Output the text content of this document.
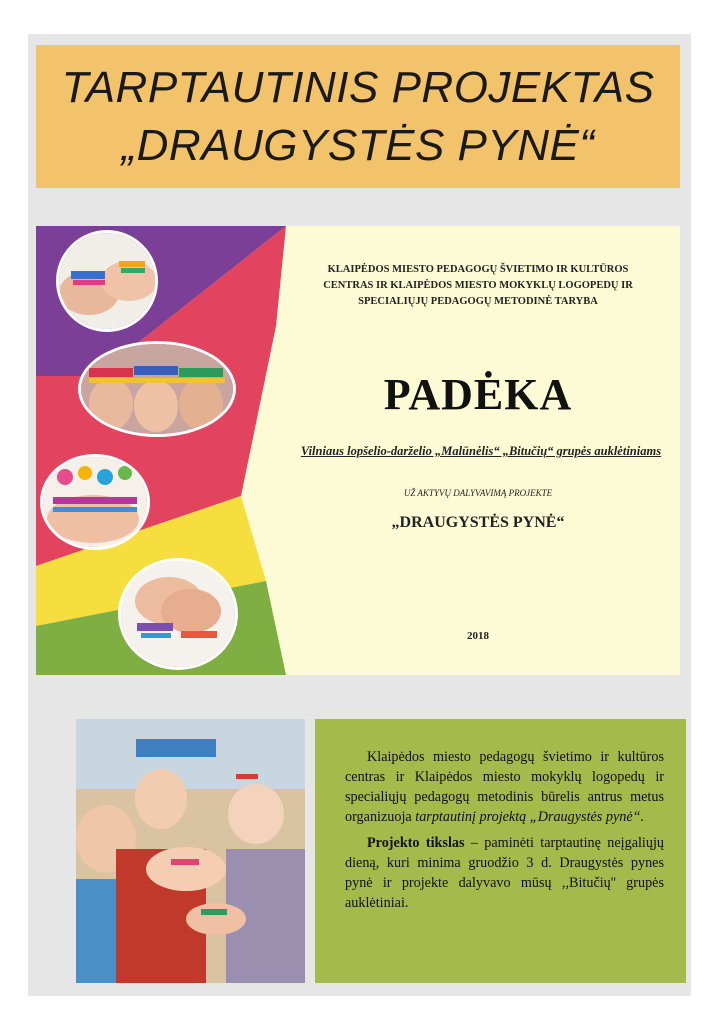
TARPTAUTINIS PROJEKTAS
„DRAUGYSTĖS PYNĖ“
KLAIPĖDOS MIESTO PEDAGOGŲ ŠVIETIMO IR KULTŪROS
CENTRAS IR KLAIPĖDOS MIESTO MOKYKLŲ LOGOPEDŲ IR
SPECIALIŲJŲ PEDAGOGŲ METODINĖ TARYBA
PADĖKA
Vilniaus lopšelio-darželio „Malūnėlis“ „Bitučių“ grupės auklėtiniams
UŽ AKTYVŲ DALYVAVIMĄ PROJEKTE
„DRAUGYSTĖS PYNĖ“
2018

Klaipėdos miesto pedagogų švietimo ir kultūros centras ir Klaipėdos miesto mokyklų logopedų ir specialiųjų pedagogų metodinis būrelis antrus metus organizuoja tarptautinį projektą „Draugystės pynė“.

Projekto tikslas – paminėti tarptautinę neįgaliųjų dieną, kuri minima gruodžio 3 d. Draugystės pynes pynė ir projekte dalyvavo mūsų ,,Bitučių'' grupės auklėtiniai.
